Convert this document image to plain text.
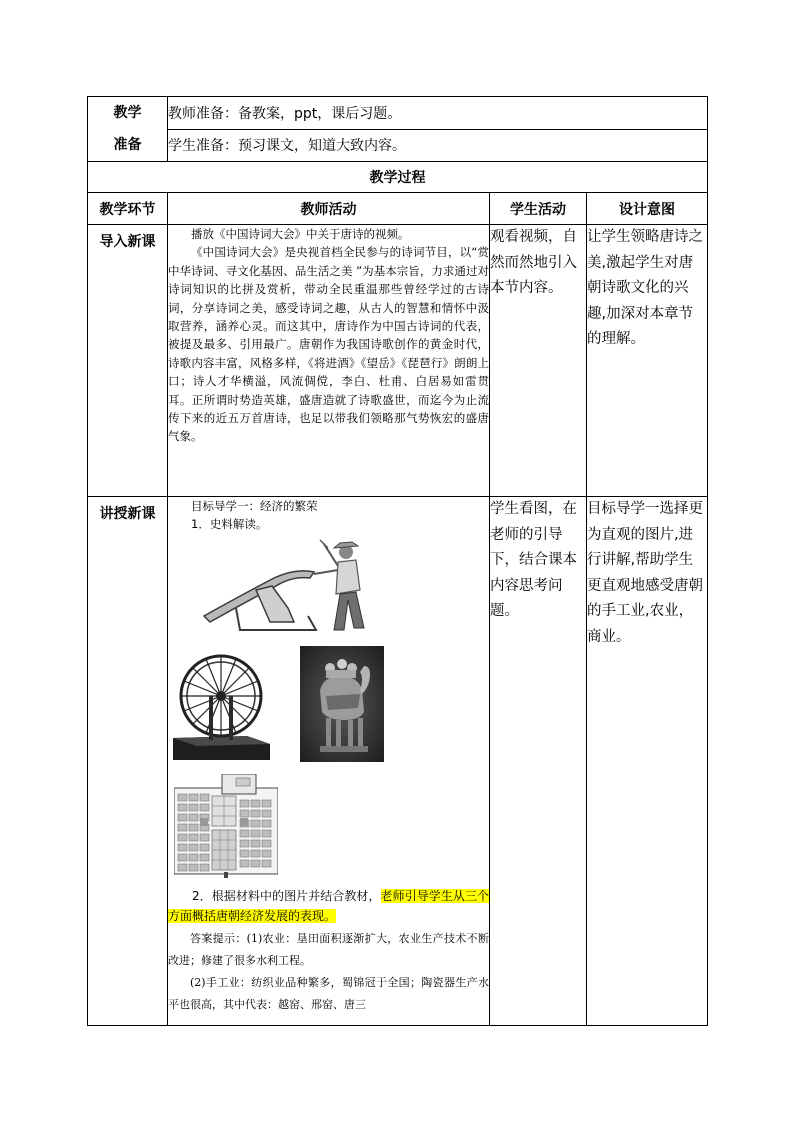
教学
准备	教师准备：备教案，ppt，课后习题。		
	学生准备：预习课文，知道大致内容。		
教学过程			
教学环节	教师活动	学生活动	设计意图
导入新课	播放《中国诗词大会》中关于唐诗的视频。

《中国诗词大会》是央视首档全民参与的诗词节目，以“赏中华诗词、寻文化基因、品生活之美 ”为基本宗旨，力求通过对诗词知识的比拼及赏析，带动全民重温那些曾经学过的古诗词，分享诗词之美，感受诗词之趣，从古人的智慧和情怀中汲取营养，涵养心灵。而这其中，唐诗作为中国古诗词的代表，被提及最多、引用最广。唐朝作为我国诗歌创作的黄金时代，诗歌内容丰富，风格多样，《将进酒》《望岳》《琵琶行》朗朗上口；诗人才华横溢，风流倜傥，李白、杜甫、白居易如雷贯耳。正所谓时势造英雄，盛唐造就了诗歌盛世，而迄今为止流传下来的近五万首唐诗，也足以带我们领略那气势恢宏的盛唐气象。	观看视频，自然而然地引入本节内容。	让学生领略唐诗之美,激起学生对唐朝诗歌文化的兴趣,加深对本章节的理解。

讲授新课	目标导学一：经济的繁荣

1．史料解读。

2．根据材料中的图片并结合教材，老师引导学生从三个方面概括唐朝经济发展的表现。

答案提示：(1)农业：垦田面积逐渐扩大，农业生产技术不断改进；修建了很多水利工程。

(2)手工业：纺织业品种繁多，蜀锦冠于全国；陶瓷器生产水平也很高，其中代表：越窑、邢窑、唐三	学生看图，在老师的引导下，结合课本内容思考问题。	目标导学一选择更为直观的图片,进行讲解,帮助学生更直观地感受唐朝的手工业,农业，商业。
